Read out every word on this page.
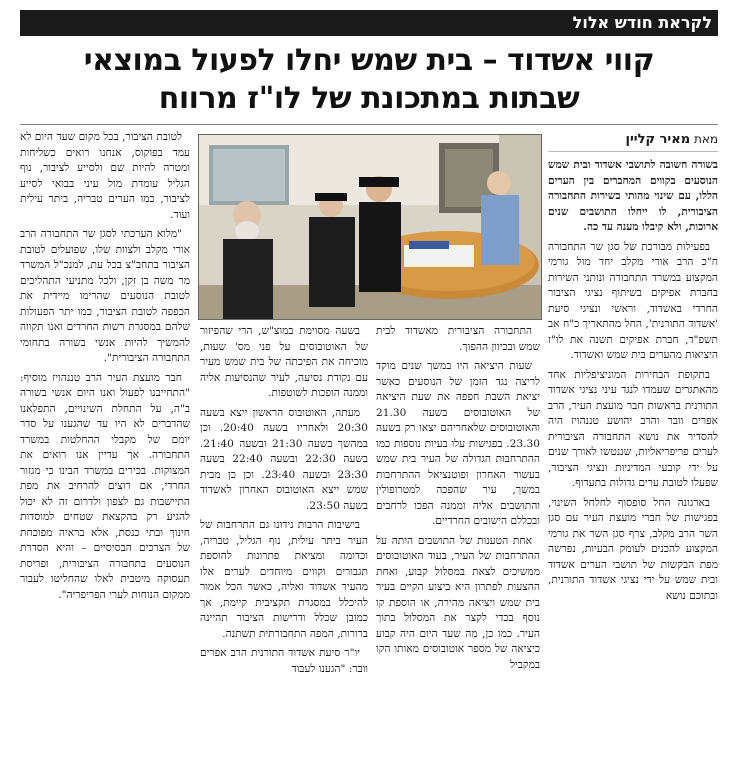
לקראת חודש אלול
קווי אשדוד – בית שמש יחלו לפעול במוצאי
שבתות במתכונת של לו"ז מרווח
מאת מאיר קליין

בשורה חשובה לתושבי אשדוד ובית שמש הנוסעים בקווים המחברים בין הערים הללו, עם שינוי מהותי בשירות התחבורה הציבורית, לו ייחלו התושבים שנים ארוכות, ולא קיבלו מענה עד כה.

בפעילות מבורכת של סגן שר התחבורה ח"כ הרב אורי מקלב יחד מול גורמי המקצוע במשרד התחבורה ונותני השירות בחברת אפיקים בשיתוף נציגי הציבור החרדי באשדוד, וראשי ונציגי סיעת 'אשדוד התורנית', החל מהתאריך כ"ח אב תשפ"ד, חברת אפיקים תשנה את לו"ז היציאות מהערים בית שמש ואשדוד.

בתקופת הבחירות המוניציפליות אחד מהאתגרים שעמדו לנגד עיני נציגי אשדוד התורנית בראשות חבר מועצת העיר, הרב אפרים וובר והרב יהושע טננהויז היה להסדיר את נושא התחבורה הציבורית לערים פריפריאליות, שננטשו לאורך שנים על ידי קובעי המדיניות ונציגי הציבור, שפעלו לטובת ערים גדולות בתעדוף.

בארגונה החל סופסוף לחלחל השינוי, בפגישות של חברי מועצת העיר עם סגן השר הרב מקלב, צרף סגן השר את גורמי המקצוע להכנים לעומק הבעיות, נפרשה מפת הבקשות של תושבי הערים אשדוד ובית שמש על ידי נציגי אשדוד התורנית, ובתוכם נושא

התחבורה הציבורית מאשדוד לבית שמש ובכיוון ההפוך.

שעות היציאה היו במשך שנים מוקד לריצה נגד הזמן של הנוסעים כאשר יציאת השבת חפפה את שעת היציאה של האוטובוסים בשעה 21.30 והאוטובוסים שלאחריהם יצאו רק בשעה 23.30. בפגישות עלו בעיות נוספות כמו ההתרחבות הגדולה של העיר בית שמש בעשור האחרון ופוטנציאל ההתרחבות במשך, עיר שהפכה למטרופולין והתושבים אליה וממנה הפכו לרחבים ובכללם הישובים החרדיים.

אחת הטענות של התושבים היתה על ההתרחבות של העיר, בעוד האוטובוסים ממשיכים לצאת במסלול קבוע, ואחת ההצעות לפתרון היא ביצוע הקיים בעיר בית שמש ויציאה מהירה, או הוספת קו נוסף בכדי לקצר את המסלול בתוך העיר. כמו כן, מה שעד היום היה קבוע כיציאה של מספר אוטובוסים מאותו הקו במקביל

בשעה מסוימת במוצ"ש, הרי שהפיזור של האוטובוסים על פני מס' שעות, מוכיחה את הפיכתה של בית שמש מעיר עם נקודת נסיעה, לעיר שהנסיעות אליה וממנה הופכות לשוטפות.

מעתה, האוטובוס הראשון ייצא בשעה 20:30 ולאחריו בשעה 20:40. וכן במהשך בשעה 21:30 ובשעה 21:40. בשעה 22:30 ובשעה 22:40 בשעה 23:30 ובשעה 23:40. וכן כן מבית שמש ייצא האוטובוס האחרון לאשדוד בשעה 23:50.

בישיבות הרבות נידונו גם התרחבות של העיר ביתר עילית, נוף הגליל, טבריה, וכדומה ומציאת פתרונות להוספת תגבורים וקווים מיוחדים לערים אלו מהעיר אשדוד ואליה, כאשר הכל אמור להיכלל במסגרת תקציבית קיימת, אך כמובן שכלל ודרישות הציבור תהיינה ברורות, המפה התחבורתית תשתנה.

יו"ר סיעת אשדוד התורנית הרב אפרים וובר: "הגענו לעבוד

לטובת הציבור, בכל מקום שעד היום לא עמד בפוקוס, אנחנו רואים כשליחות ומטרה להיות שם ולסייע לציבור, נוף הגליל עומדת מול עיני בבואי לסייע לציבור, כמו הערים טבריה, ביתר עילית ועוד.

"מלוא הערכתי לסגן שר התחבורה הרב אורי מקלב ולצוות שלו, שפועלים לטובת הציבור בתחב"צ בכל עת, למנכ"ל המשרד מר משה בן זקן, ולכל מתניעי התהליכים לטובת הנוסעים שהרימו מיידית את הכפפה לטובת הציבור, כמו יתר הפעולות שלהם במסגרת רשות החרדים ואנו תקווה להמשיך להיות אנשי בשורה בתחומי התחבורה הציבורית".

חבר מועצת העיר הרב טננהויז מוסיף: "התחייבנו לפעול ואנו היום אנשי בשורה ב"ה, על התחלת השינויים, התפלאנו שהדברים לא היו עד שהגענו על סדר יומם של מקבלי ההחלטות במשרד התחבורה. אך עדיין אנו רואים את המצוקות. בכירים במשרד הבינו כי מגזור החרדי, אם רוצים להרחיב את מפת התיישבות גם לצפון ולדרום זה לא יכול להגיע רק בהקצאת שטחים למוסדות חינוך ובתי כנסת, אלא בראיה מפוכחת של הצרכים הבסיסיים – והיא הסדרת הנוסעים בתחבורה הציבורית, ופריסת תעסוקה מיטבית לאלו שהחליטו לעבור ממקום הנוחות לערי הפריפריה".
